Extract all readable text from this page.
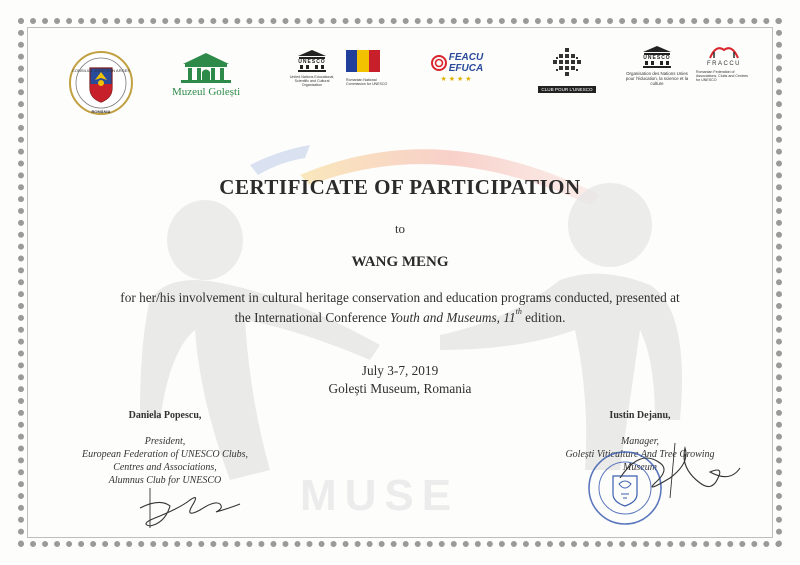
MUSE
CONSILIUL JUDEȚEAN ARGEȘ
ROMÂNIA
Muzeul Golești
UNESCO
United Nations Educational, Scientific and Cultural Organization
Romanian National Commission for UNESCO
FEACU
EFUCA
★★★★
CLUB POUR L'UNESCO
UNESCO
Organisation des Nations Unies pour l'éducation, la science et la culture
FRACCU
Romanian Federation of Associations, Clubs and Centres for UNESCO
CERTIFICATE OF PARTICIPATION
to
WANG MENG
for her/his involvement in cultural heritage conservation and education programs conducted, presented at
the International Conference Youth and Museums, 11th edition.
July 3-7, 2019
Golești Museum, Romania
Daniela Popescu,
President,
European Federation of UNESCO Clubs,
Centres and Associations,
Alumnus Club for UNESCO
Iustin Dejanu,
Manager,
Golești Viticulture And Tree Growing
Museum
